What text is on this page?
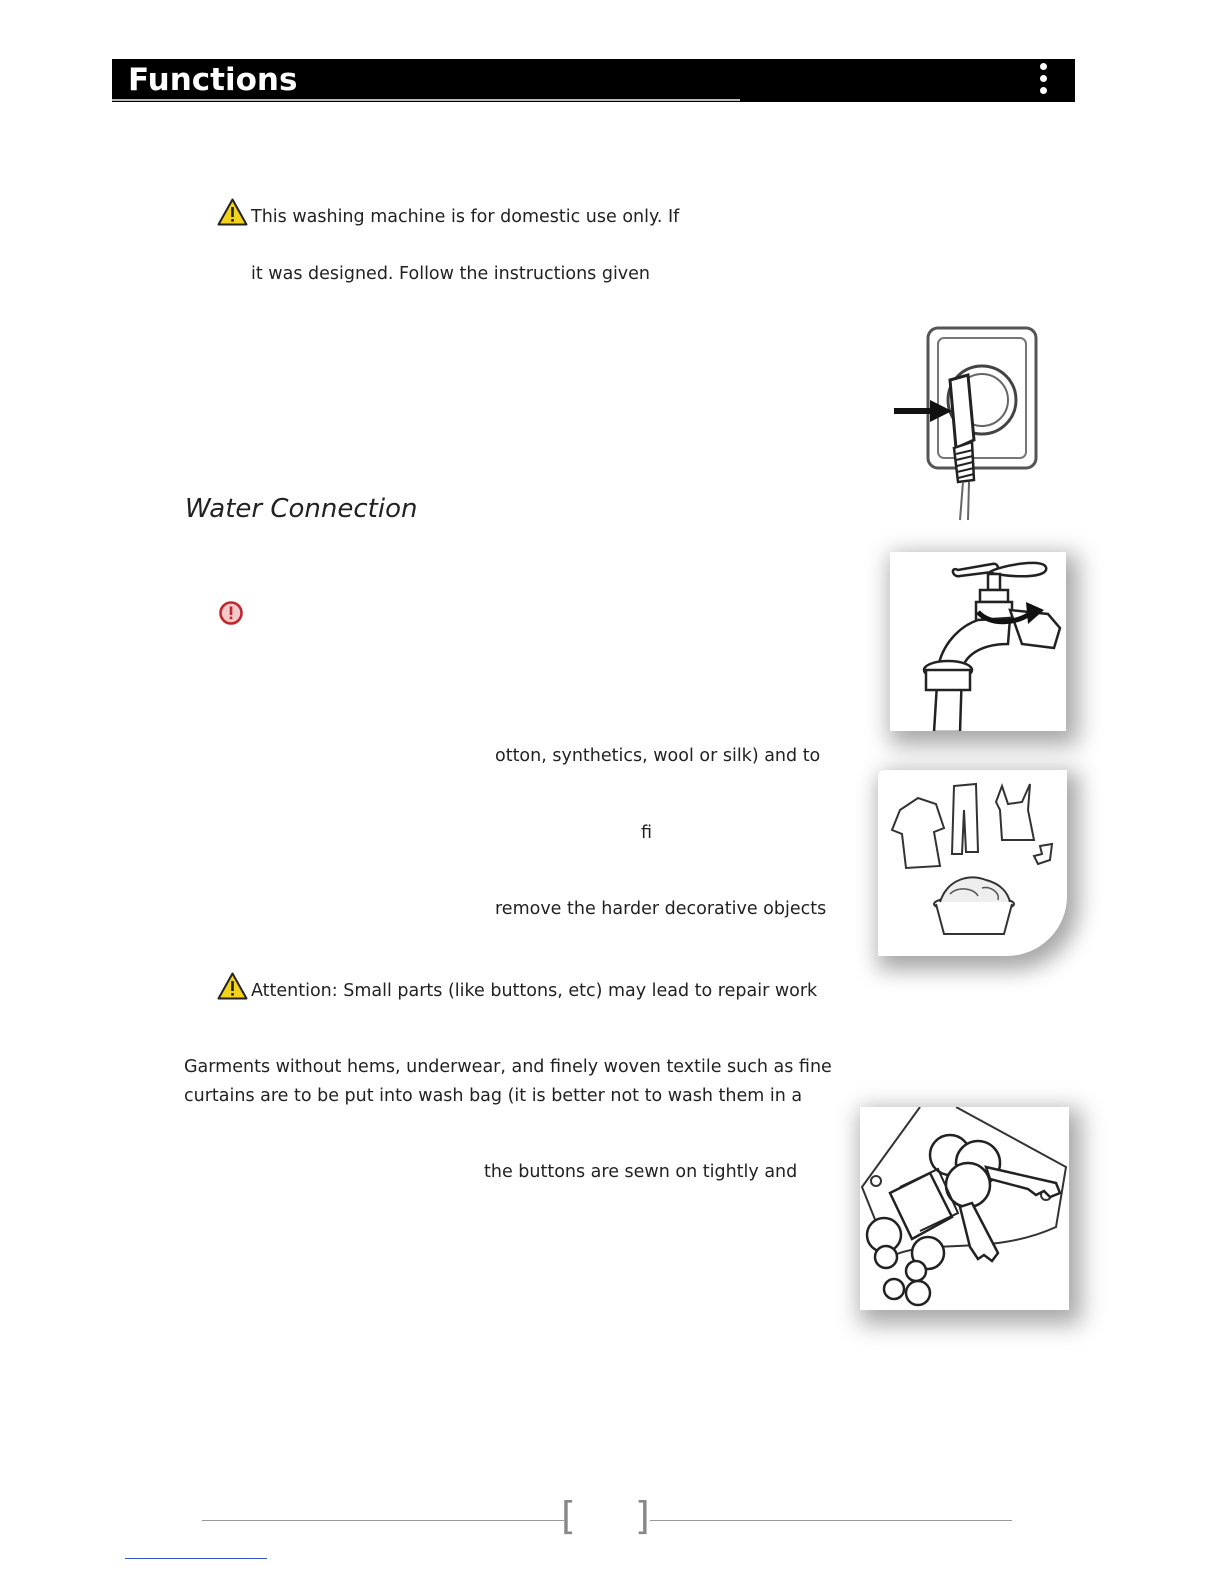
Functions
This washing machine is for domestic use only. If
it was designed. Follow the instructions given
Water Connection
otton, synthetics, wool or silk) and to
fi
remove the harder decorative objects
Attention: Small parts (like buttons, etc) may lead to repair work
Garments without hems, underwear, and finely woven textile such as fine
curtains are to be put into wash bag (it is better not to wash them in a
the buttons are sewn on tightly and
[ ]
